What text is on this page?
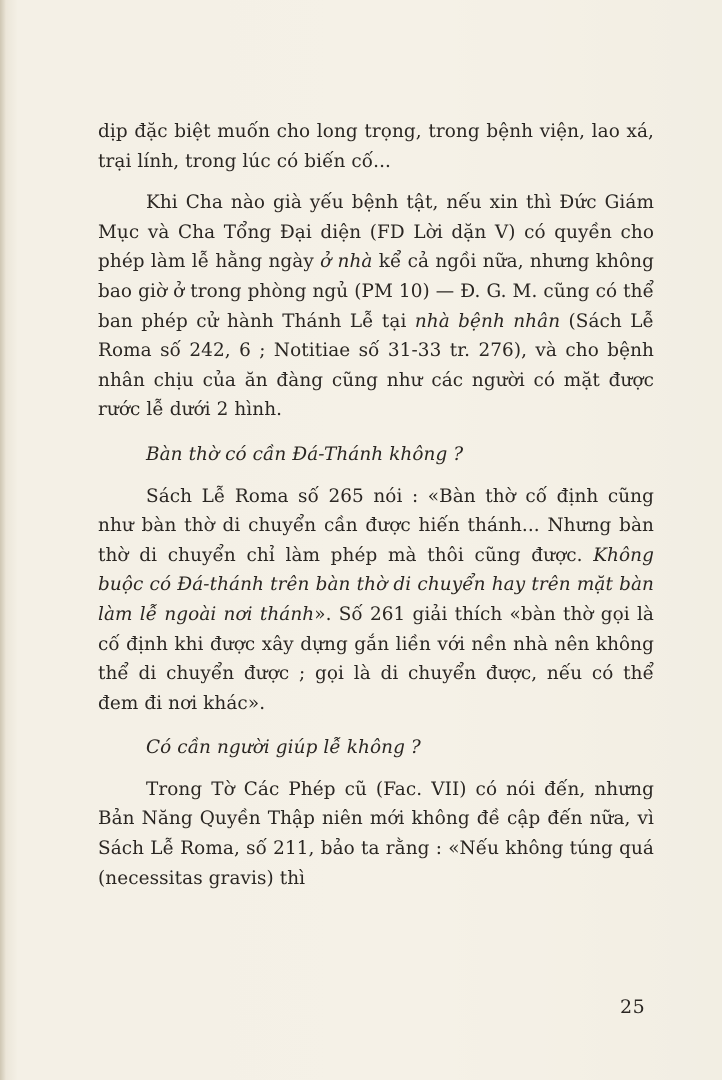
dịp đặc biệt muốn cho long trọng, trong bệnh viện, lao xá, trại lính, trong lúc có biến cố...

Khi Cha nào già yếu bệnh tật, nếu xin thì Đức Giám Mục và Cha Tổng Đại diện (FD Lời dặn V) có quyền cho phép làm lễ hằng ngày ở nhà kể cả ngồi nữa, nhưng không bao giờ ở trong phòng ngủ (PM 10) — Đ. G. M. cũng có thể ban phép cử hành Thánh Lễ tại nhà bệnh nhân (Sách Lễ Roma số 242, 6 ; Notitiae số 31-33 tr. 276), và cho bệnh nhân chịu của ăn đàng cũng như các người có mặt được rước lễ dưới 2 hình.

Bàn thờ có cần Đá-Thánh không ?

Sách Lễ Roma số 265 nói : «Bàn thờ cố định cũng như bàn thờ di chuyển cần được hiến thánh... Nhưng bàn thờ di chuyển chỉ làm phép mà thôi cũng được. Không buộc có Đá-thánh trên bàn thờ di chuyển hay trên mặt bàn làm lễ ngoài nơi thánh». Số 261 giải thích «bàn thờ gọi là cố định khi được xây dựng gắn liền với nền nhà nên không thể di chuyển được ; gọi là di chuyển được, nếu có thể đem đi nơi khác».

Có cần người giúp lễ không ?

Trong Tờ Các Phép cũ (Fac. VII) có nói đến, nhưng Bản Năng Quyền Thập niên mới không đề cập đến nữa, vì Sách Lễ Roma, số 211, bảo ta rằng : «Nếu không túng quá (necessitas gravis) thì

25
